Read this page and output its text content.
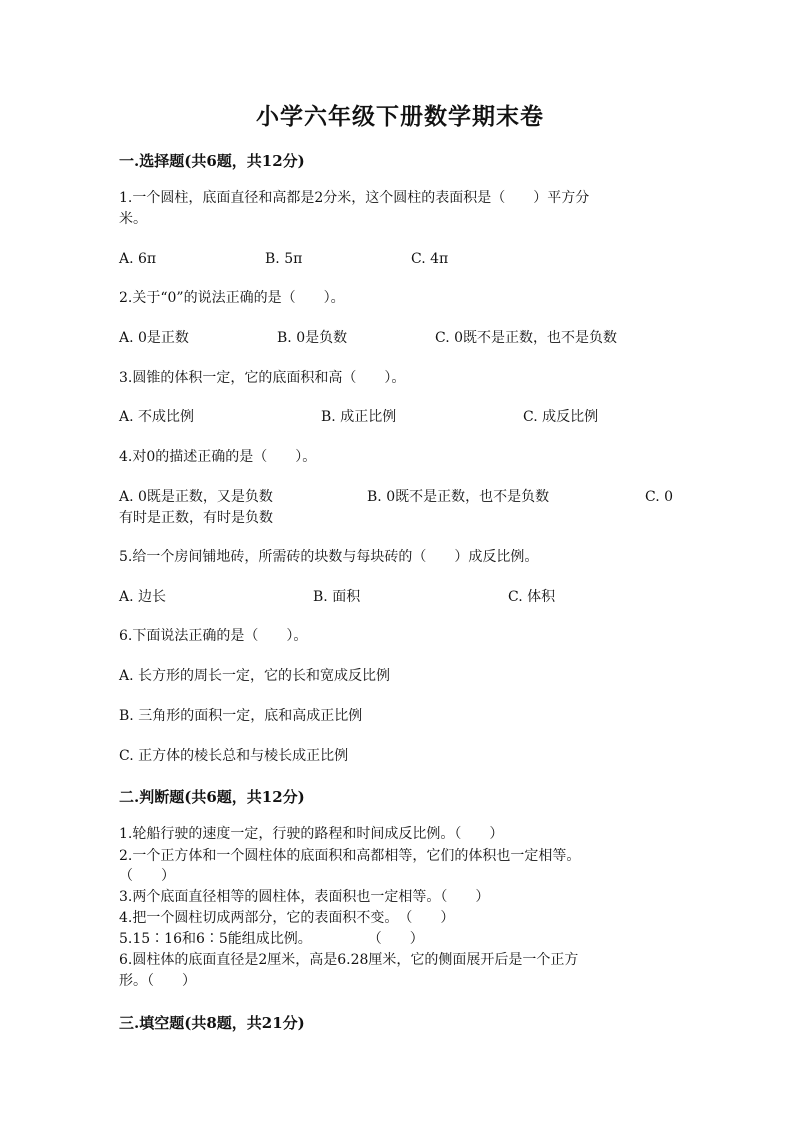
小学六年级下册数学期末卷
一.选择题(共6题，共12分)
1.一个圆柱，底面直径和高都是2分米，这个圆柱的表面积是（　　）平方分
米。
A. 6π	B. 5π	C. 4π
2.关于“0”的说法正确的是（　　）。
A. 0是正数	B. 0是负数	C. 0既不是正数，也不是负数
3.圆锥的体积一定，它的底面积和高（　　）。
A. 不成比例	B. 成正比例	C. 成反比例
4.对0的描述正确的是（　　）。
A. 0既是正数，又是负数	B. 0既不是正数，也不是负数	C. 0
有时是正数，有时是负数
5.给一个房间铺地砖，所需砖的块数与每块砖的（　　）成反比例。
A. 边长	B. 面积	C. 体积
6.下面说法正确的是（　　）。
A. 长方形的周长一定，它的长和宽成反比例
B. 三角形的面积一定，底和高成正比例
C. 正方体的棱长总和与棱长成正比例
二.判断题(共6题，共12分)
1.轮船行驶的速度一定，行驶的路程和时间成反比例。（　　）
2.一个正方体和一个圆柱体的底面积和高都相等，它们的体积也一定相等。
（　　）
3.两个底面直径相等的圆柱体，表面积也一定相等。（　　）
4.把一个圆柱切成两部分，它的表面积不变。　（　　）
5.15∶16和6∶5能组成比例。　　　　　（　　）
6.圆柱体的底面直径是2厘米，高是6.28厘米，它的侧面展开后是一个正方
形。（　　）
三.填空题(共8题，共21分)
